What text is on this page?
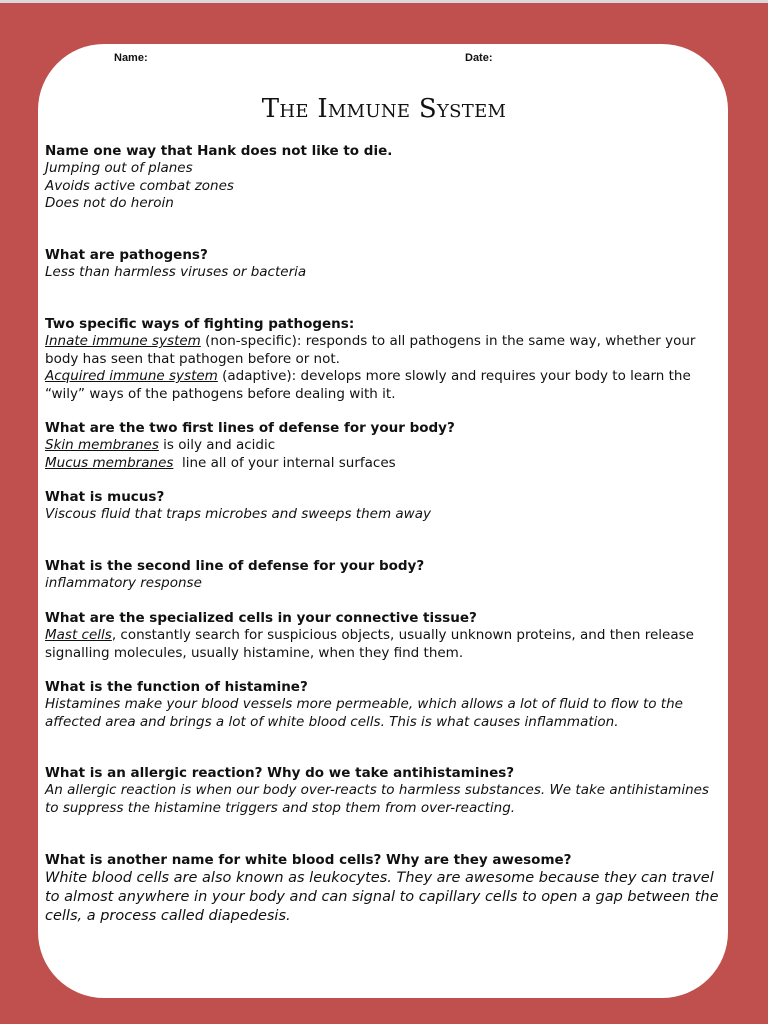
Name:	Date:
The Immune System
Name one way that Hank does not like to die.
Jumping out of planes
Avoids active combat zones
Does not do heroin
What are pathogens?
Less than harmless viruses or bacteria
Two specific ways of fighting pathogens:
Innate immune system (non-specific): responds to all pathogens in the same way, whether your body has seen that pathogen before or not.
Acquired immune system (adaptive): develops more slowly and requires your body to learn the “wily” ways of the pathogens before dealing with it.
What are the two first lines of defense for your body?
Skin membranes is oily and acidic
Mucus membranes  line all of your internal surfaces
What is mucus?
Viscous fluid that traps microbes and sweeps them away
What is the second line of defense for your body?
inflammatory response
What are the specialized cells in your connective tissue?
Mast cells, constantly search for suspicious objects, usually unknown proteins, and then release signalling molecules, usually histamine, when they find them.
What is the function of histamine?
Histamines make your blood vessels more permeable, which allows a lot of fluid to flow to the affected area and brings a lot of white blood cells. This is what causes inflammation.
What is an allergic reaction? Why do we take antihistamines?
An allergic reaction is when our body over-reacts to harmless substances. We take antihistamines to suppress the histamine triggers and stop them from over-reacting.
What is another name for white blood cells? Why are they awesome?
White blood cells are also known as leukocytes. They are awesome because they can travel to almost anywhere in your body and can signal to capillary cells to open a gap between the cells, a process called diapedesis.
